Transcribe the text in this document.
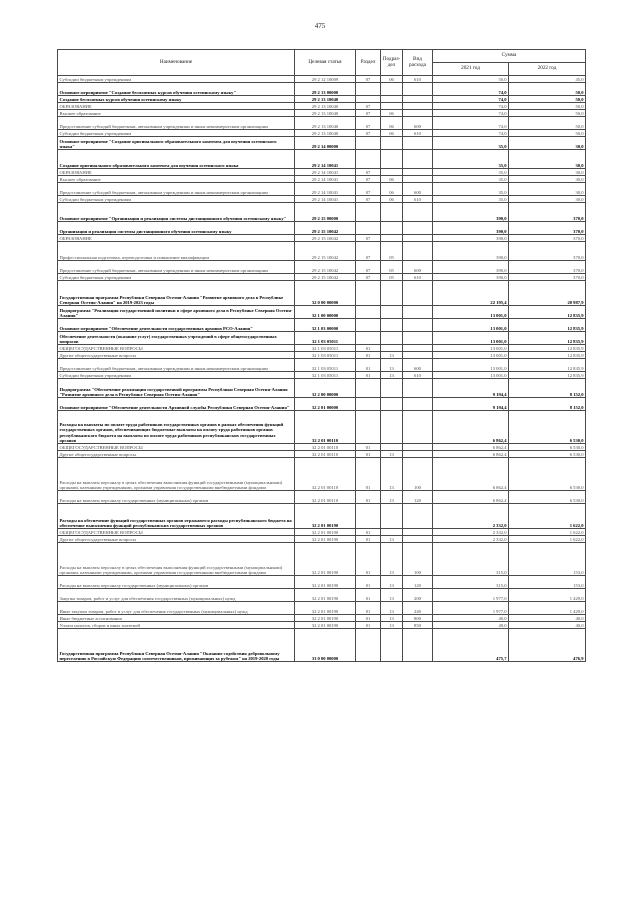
475
Наименование	Целевая статья	Раздел	Подраз-дел	Вид расхода	Сумма	
					2021 год	2022 год
Субсидии бюджетным учреждениям	29 2 12 10009	07	06	610	50,0	45,0
Основное мероприятие "Создание бесплатных курсов обучения осетинскому языку"	29 2 13 00000				74,0	50,0
Создание бесплатных курсов обучения осетинскому языку	29 2 13 10040				74,0	50,0
ОБРАЗОВАНИЕ	29 2 13 10040	07			74,0	50,0
Высшее образование	29 2 13 10040	07	06		74,0	50,0
Предоставление субсидий бюджетным, автономным учреждениям и иным некоммерческим организациям	29 2 13 10040	07	06	600	74,0	50,0
Субсидии бюджетным учреждениям	29 2 13 10040	07	06	610	74,0	50,0
Основное мероприятие "Создание оригинального образовательного контента для изучения осетинского языка"	29 2 14 00000				35,0	30,0
Создание оригинального образовательного контента для изучения осетинского языка	29 2 14 10041				35,0	30,0
ОБРАЗОВАНИЕ	29 2 14 10041	07			35,0	30,0
Высшее образование	29 2 14 10041	07	06		35,0	30,0
Предоставление субсидий бюджетным, автономным учреждениям и иным некоммерческим организациям	29 2 14 10041	07	06	600	35,0	30,0
Субсидии бюджетным учреждениям	29 2 14 10041	07	06	610	35,0	30,0
Основное мероприятие "Организация и реализация системы дистанционного обучения осетинскому языку"	29 2 15 00000				390,0	370,0
Организация и реализация системы дистанционного обучения осетинскому языку	29 2 15 10042				390,0	370,0
ОБРАЗОВАНИЕ	29 2 15 10042	07			390,0	370,0
Профессиональная подготовка, переподготовка и повышение квалификации	29 2 15 10042	07	05		390,0	370,0
Предоставление субсидий бюджетным, автономным учреждениям и иным некоммерческим организациям	29 2 15 10042	07	05	600	390,0	370,0
Субсидии бюджетным учреждениям	29 2 15 10042	07	05	610	390,0	370,0
Государственная программа Республики Северная Осетия-Алания "Развитие архивного дела в Республике Северная Осетия-Алания" на 2019-2023 годы	32 0 00 00000				22 195,4	20 987,9
Подпрограмма "Реализация государственной политики в сфере архивного дела в Республике Северная Осетия-Алания"	32 1 00 00000				13 001,0	12 835,9
Основное мероприятие "Обеспечение деятельности государственных архивов РСО-Алания"	32 1 03 00000				13 001,0	12 835,9
Обеспечение деятельности (оказание услуг) государственных учреждений в сфере общегосударственных вопросов	32 1 03 05011				13 001,0	12 835,9
ОБЩЕГОСУДАРСТВЕННЫЕ ВОПРОСЫ	32 1 03 05011	01			13 001,0	12 835,9
Другие общегосударственные вопросы	32 1 03 05011	01	13		13 001,0	12 835,9
Предоставление субсидий бюджетным, автономным учреждениям и иным некоммерческим организациям	32 1 03 05011	01	13	600	13 001,0	12 835,9
Субсидии бюджетным учреждениям	32 1 03 05011	01	13	610	13 001,0	12 835,9
Подпрограмма "Обеспечение реализации государственной программы Республики Северная Осетия-Алания "Развитие архивного дела в Республике Северная Осетия-Алания"	32 2 00 00000				9 194,4	8 152,0
Основное мероприятие "Обеспечение деятельности Архивной службы Республики Северная Осетия-Алания"	32 2 01 00000				9 194,4	8 152,0
Расходы на выплаты по оплате труда работников государственных органов в рамках обеспечения функций государственных органов, обеспечивающих бюджетные выплаты на оплату труда работников органов республиканского бюджета на выплаты по оплате труда работников республиканских государственных органов	32 2 01 00110				6 862,4	6 530,0
ОБЩЕГОСУДАРСТВЕННЫЕ ВОПРОСЫ	32 2 01 00110	01			6 862,4	6 530,0
Другие общегосударственные вопросы	32 2 01 00110	01	13		6 862,4	6 530,0
Расходы на выплаты персоналу в целях обеспечения выполнения функций государственными (муниципальными) органами, казенными учреждениями, органами управления государственными внебюджетными фондами	32 2 01 00110	01	13	100	6 862,4	6 530,0
Расходы на выплаты персоналу государственных (муниципальных) органов	32 2 01 00110	01	13	120	6 862,4	6 530,0
Расходы на обеспечение функций государственных органов отражаются расходы республиканского бюджета на обеспечение выполнения функций республиканских государственных органов	32 2 01 00190				2 332,0	1 622,0
ОБЩЕГОСУДАРСТВЕННЫЕ ВОПРОСЫ	32 2 01 00190	01			2 332,0	1 622,0
Другие общегосударственные вопросы	32 2 01 00190	01	13		2 332,0	1 622,0
Расходы на выплаты персоналу в целях обеспечения выполнения функций государственными (муниципальными) органами, казенными учреждениями, органами управления государственными внебюджетными фондами	32 2 01 00190	01	13	100	315,0	153,0
Расходы на выплаты персоналу государственных (муниципальных) органов	32 2 01 00190	01	13	120	315,0	153,0
Закупка товаров, работ и услуг для обеспечения государственных (муниципальных) нужд	32 2 01 00190	01	13	200	1 977,0	1 429,0
Иные закупки товаров, работ и услуг для обеспечения государственных (муниципальных) нужд	32 2 01 00190	01	13	240	1 977,0	1 429,0
Иные бюджетные ассигнования	32 2 01 00190	01	13	800	40,0	40,0
Уплата налогов, сборов и иных платежей	32 2 01 00190	01	13	850	40,0	40,0
Государственная программа Республики Северная Осетия-Алания "Оказание содействия добровольному переселению в Российскую Федерацию соотечественников, проживающих за рубежом" на 2019-2020 годы	33 0 00 00000				475,7	476,9
